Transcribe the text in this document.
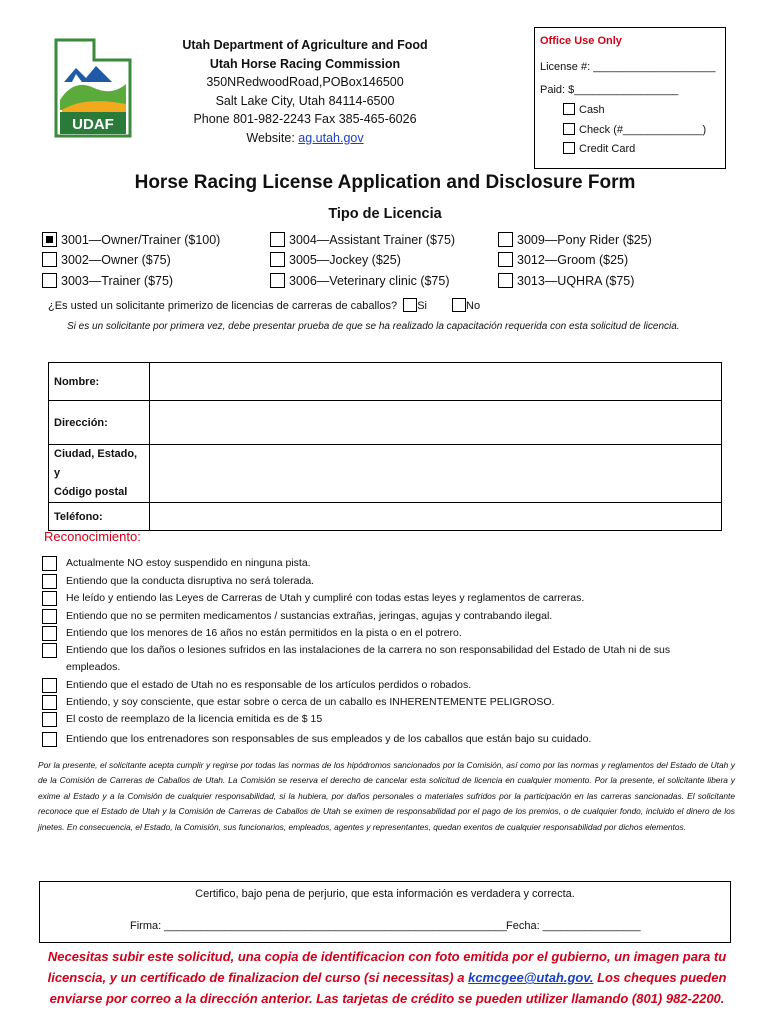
UDAF
Utah Department of Agriculture and Food
Utah Horse Racing Commission
350NRedwoodRoad,POBox146500
Salt Lake City, Utah 84114-6500
Phone 801-982-2243 Fax 385-465-6026
Website: ag.utah.gov
Office Use Only
License #: ____________________
Paid: $_________________
Cash
Check (#_____________)
Credit Card
Horse Racing License Application and Disclosure Form
Tipo de Licencia
3001—Owner/Trainer ($100)
3002—Owner ($75)
3003—Trainer ($75)
3004—Assistant Trainer ($75)
3005—Jockey ($25)
3006—Veterinary clinic ($75)
3009—Pony Rider ($25)
3012—Groom ($25)
3013—UQHRA ($75)
¿Es usted un solicitante primerizo de licencias de carreras de caballos? Si	No
Si es un solicitante por primera vez, debe presentar prueba de que se ha realizado la capacitación requerida con esta solicitud de licencia.
Nombre:	
Dirección:	

Ciudad, Estado, y
Código postal	

Teléfono:	
Reconocimiento:
Actualmente NO estoy suspendido en ninguna pista.
Entiendo que la conducta disruptiva no será tolerada.
He leído y entiendo las Leyes de Carreras de Utah y cumpliré con todas estas leyes y reglamentos de carreras.
Entiendo que no se permiten medicamentos / sustancias extrañas, jeringas, agujas y contrabando ilegal.
Entiendo que los menores de 16 años no están permitidos en la pista o en el potrero.
Entiendo que los daños o lesiones sufridos en las instalaciones de la carrera no son responsabilidad del Estado de Utah ni de sus
empleados.
Entiendo que el estado de Utah no es responsable de los artículos perdidos o robados.
Entiendo, y soy consciente, que estar sobre o cerca de un caballo es INHERENTEMENTE PELIGROSO.
El costo de reemplazo de la licencia emitida es de $ 15
Entiendo que los entrenadores son responsables de sus empleados y de los caballos que están bajo su cuidado.
Por la presente, el solicitante acepta cumplir y regirse por todas las normas de los hipódromos sancionados por la Comisión, así como por las normas y reglamentos del Estado de Utah y de la Comisión de Carreras de Caballos de Utah. La Comisión se reserva el derecho de cancelar esta solicitud de licencia en cualquier momento. Por la presente, el solicitante libera y exime al Estado y a la Comisión de cualquier responsabilidad, si la hubiera, por daños personales o materiales sufridos por la participación en las carreras sancionadas. El solicitante reconoce que el Estado de Utah y la Comisión de Carreras de Caballos de Utah se eximen de responsabilidad por el pago de los premios, o de cualquier fondo, incluido el dinero de los jinetes. En consecuencia, el Estado, la Comisión, sus funcionarios, empleados, agentes y representantes, quedan exentos de cualquier responsabilidad por dichos elementos.
Certifico, bajo pena de perjurio, que esta información es verdadera y correcta.
Firma: ________________________________________________________ Fecha: ________________
Necesitas subir este solicitud, una copia de identificacion con foto emitida por el gubierno, un imagen para tu licenscia, y un certificado de finalizacion del curso (si necessitas) a kcmcgee@utah.gov. Los cheques pueden enviarse por correo a la dirección anterior. Las tarjetas de crédito se pueden utilizer llamando (801) 982-2200.
